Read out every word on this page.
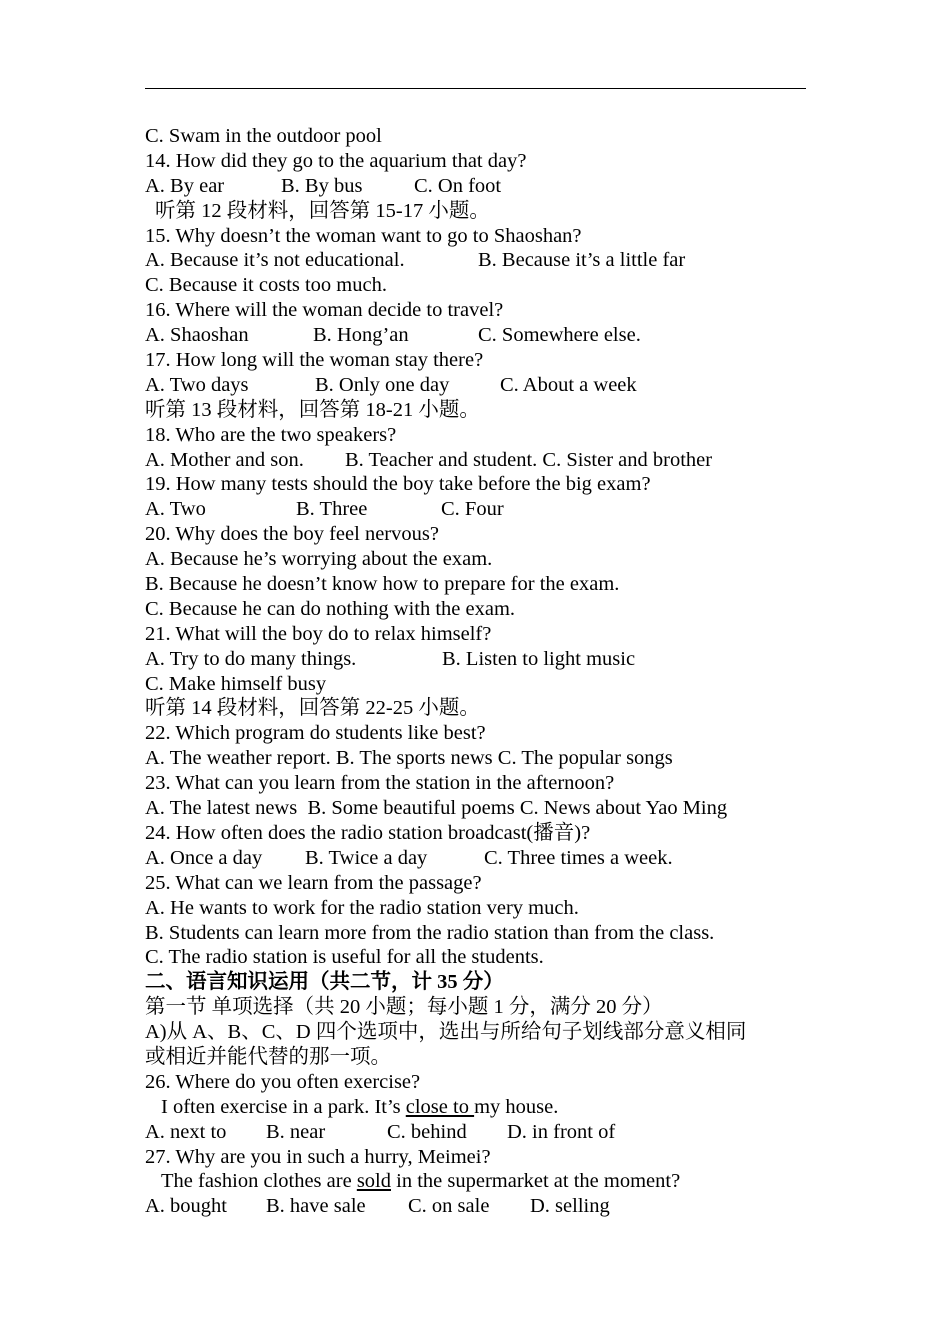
C. Swam in the outdoor pool
14. How did they go to the aquarium that day?
A. By ear	B. By bus	C. On foot
听第 12 段材料，回答第 15-17 小题。
15. Why doesn’t the woman want to go to Shaoshan?
A. Because it’s not educational.	B. Because it’s a little far
C. Because it costs too much.
16. Where will the woman decide to travel?
A. Shaoshan	B. Hong’an	C. Somewhere else.
17. How long will the woman stay there?
A. Two days	B. Only one day C. About a week
听第 13 段材料，回答第 18-21 小题。
18. Who are the two speakers?
A. Mother and son. B. Teacher and student. C. Sister and brother
19. How many tests should the boy take before the big exam?
A. Two	B. Three	C. Four
20. Why does the boy feel nervous?
A. Because he’s worrying about the exam.
B. Because he doesn’t know how to prepare for the exam.
C. Because he can do nothing with the exam.
21. What will the boy do to relax himself?
A. Try to do many things.	B. Listen to light music
C. Make himself busy
听第 14 段材料，回答第 22-25 小题。
22. Which program do students like best?
A. The weather report. B. The sports news C. The popular songs
23. What can you learn from the station in the afternoon?
A. The latest news  B. Some beautiful poems C. News about Yao Ming
24. How often does the radio station broadcast(播音)?
A. Once a day B. Twice a day	C. Three times a week.
25. What can we learn from the passage?
A. He wants to work for the radio station very much.
B. Students can learn more from the radio station than from the class.
C. The radio station is useful for all the students.
二、语言知识运用（共二节，计 35 分）
第一节 单项选择（共 20 小题；每小题 1 分，满分 20 分）
A)从 A、B、C、D 四个选项中，选出与所给句子划线部分意义相同
或相近并能代替的那一项。
26. Where do you often exercise?
I often exercise in a park. It’s close to my house.
A. next to B. near	C. behind D. in front of
27. Why are you in such a hurry, Meimei?
The fashion clothes are sold in the supermarket at the moment?
A. bought B. have sale C. on sale D. selling
